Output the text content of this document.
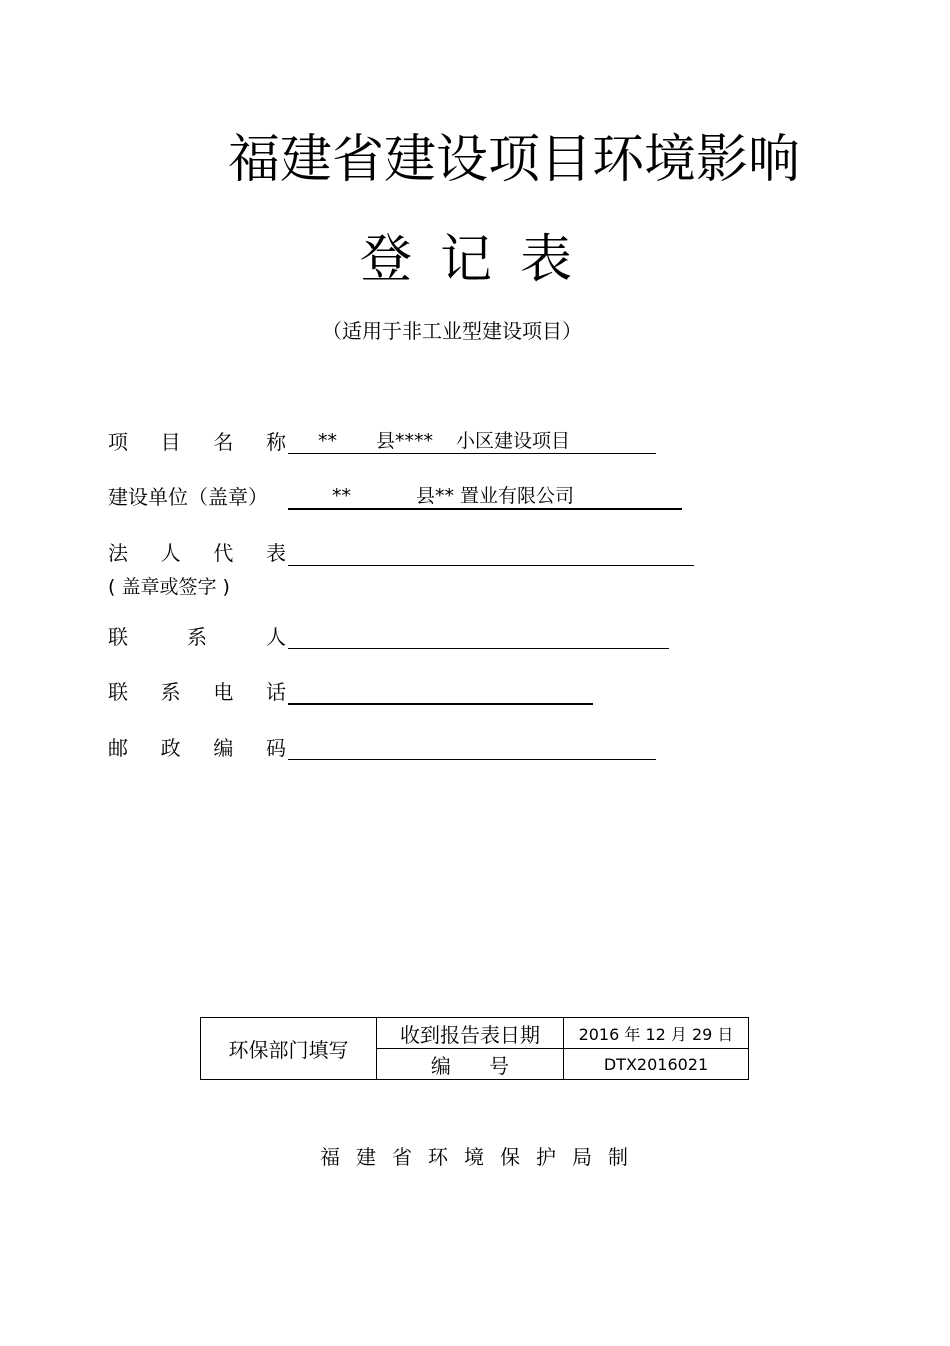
福建省建设项目环境影响
登记表
（适用于非工业型建设项目）
项目名称 ** 县**** 小区建设项目
建设单位（盖章）	**	县** 置业有限公司
法人代表
( 盖章或签字 )
联系人
联系电话
邮政编码
环保部门填写	收到报告表日期	2016 年 12 月 29 日
	编      号	DTX2016021
福建省环境保护局制
